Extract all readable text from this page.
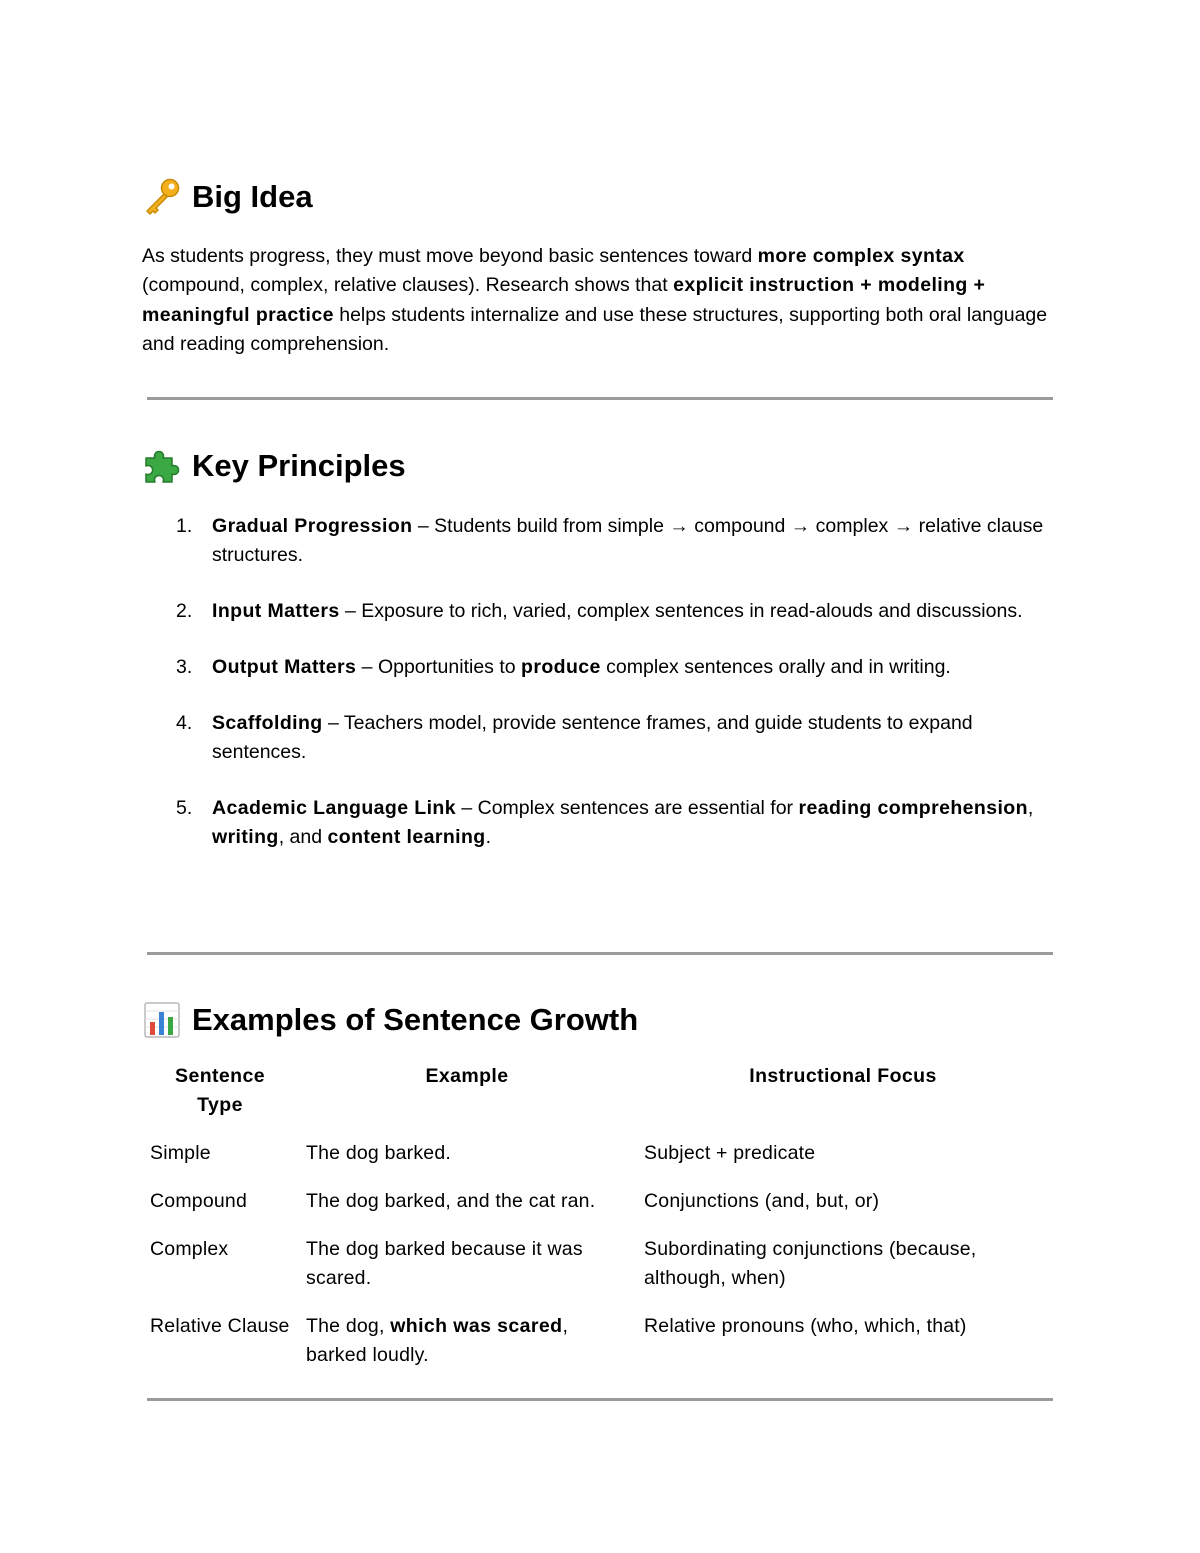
Big Idea

As students progress, they must move beyond basic sentences toward more complex syntax (compound, complex, relative clauses). Research shows that explicit instruction + modeling + meaningful practice helps students internalize and use these structures, supporting both oral language and reading comprehension.

Key Principles
1. Gradual Progression – Students build from simple → compound → complex → relative clause structures.
2. Input Matters – Exposure to rich, varied, complex sentences in read-alouds and discussions.
3. Output Matters – Opportunities to produce complex sentences orally and in writing.
4. Scaffolding – Teachers model, provide sentence frames, and guide students to expand sentences.
5. Academic Language Link – Complex sentences are essential for reading comprehension, writing, and content learning.
Examples of Sentence Growth
Sentence Type	Example	Instructional Focus
Simple	The dog barked.	Subject + predicate
Compound	The dog barked, and the cat ran.	Conjunctions (and, but, or)
Complex	The dog barked because it was scared.	Subordinating conjunctions (because, although, when)
Relative Clause	The dog, which was scared, barked loudly.	Relative pronouns (who, which, that)
